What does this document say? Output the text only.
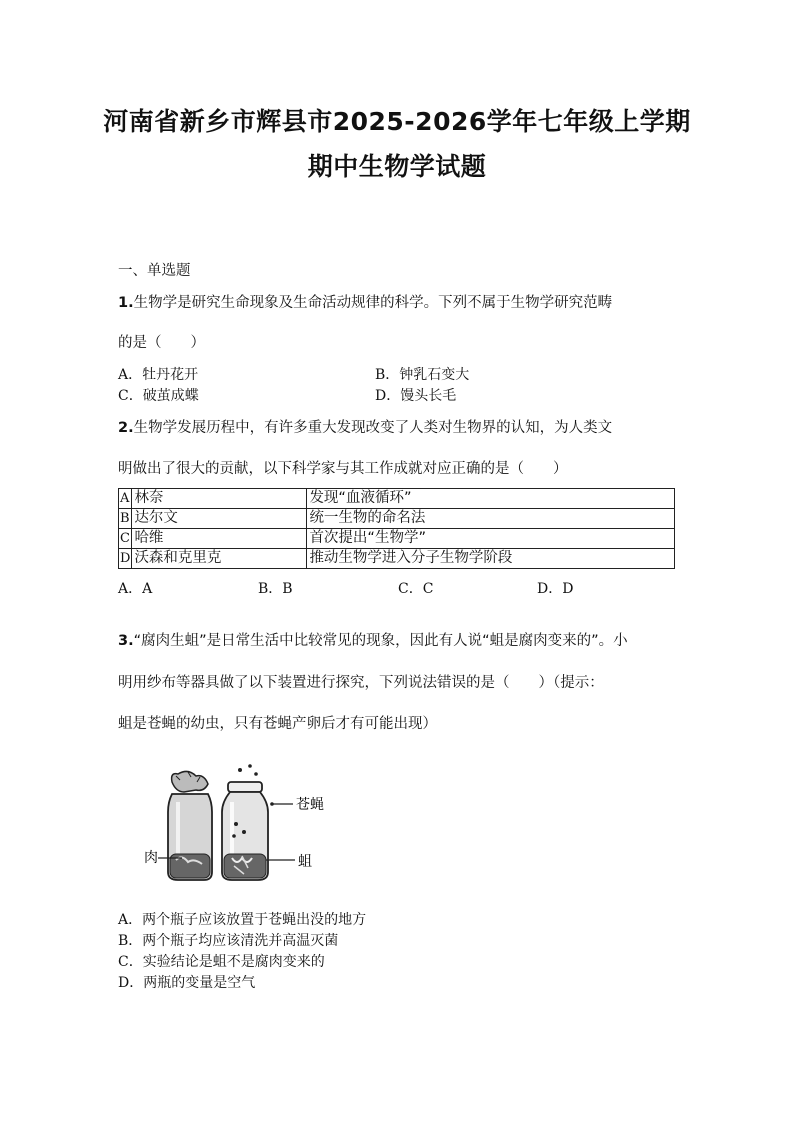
河南省新乡市辉县市2025-2026学年七年级上学期
期中生物学试题
一、单选题
1.生物学是研究生命现象及生命活动规律的科学。下列不属于生物学研究范畴
的是（　　）
A．牡丹花开	B．钟乳石变大
C．破茧成蝶	D．馒头长毛
2.生物学发展历程中，有许多重大发现改变了人类对生物界的认知，为人类文
明做出了很大的贡献，以下科学家与其工作成就对应正确的是（　　）
A	林奈	发现“血液循环”
B	达尔文	统一生物的命名法
C	哈维	首次提出“生物学”
D	沃森和克里克	推动生物学进入分子生物学阶段
A．A	B．B	C．C	D．D
3.“腐肉生蛆”是日常生活中比较常见的现象，因此有人说“蛆是腐肉变来的”。小
明用纱布等器具做了以下装置进行探究，下列说法错误的是（　　）（提示：
蛆是苍蝇的幼虫，只有苍蝇产卵后才有可能出现）
苍蝇
蛆
肉
A．两个瓶子应该放置于苍蝇出没的地方
B．两个瓶子均应该清洗并高温灭菌
C．实验结论是蛆不是腐肉变来的
D．两瓶的变量是空气
